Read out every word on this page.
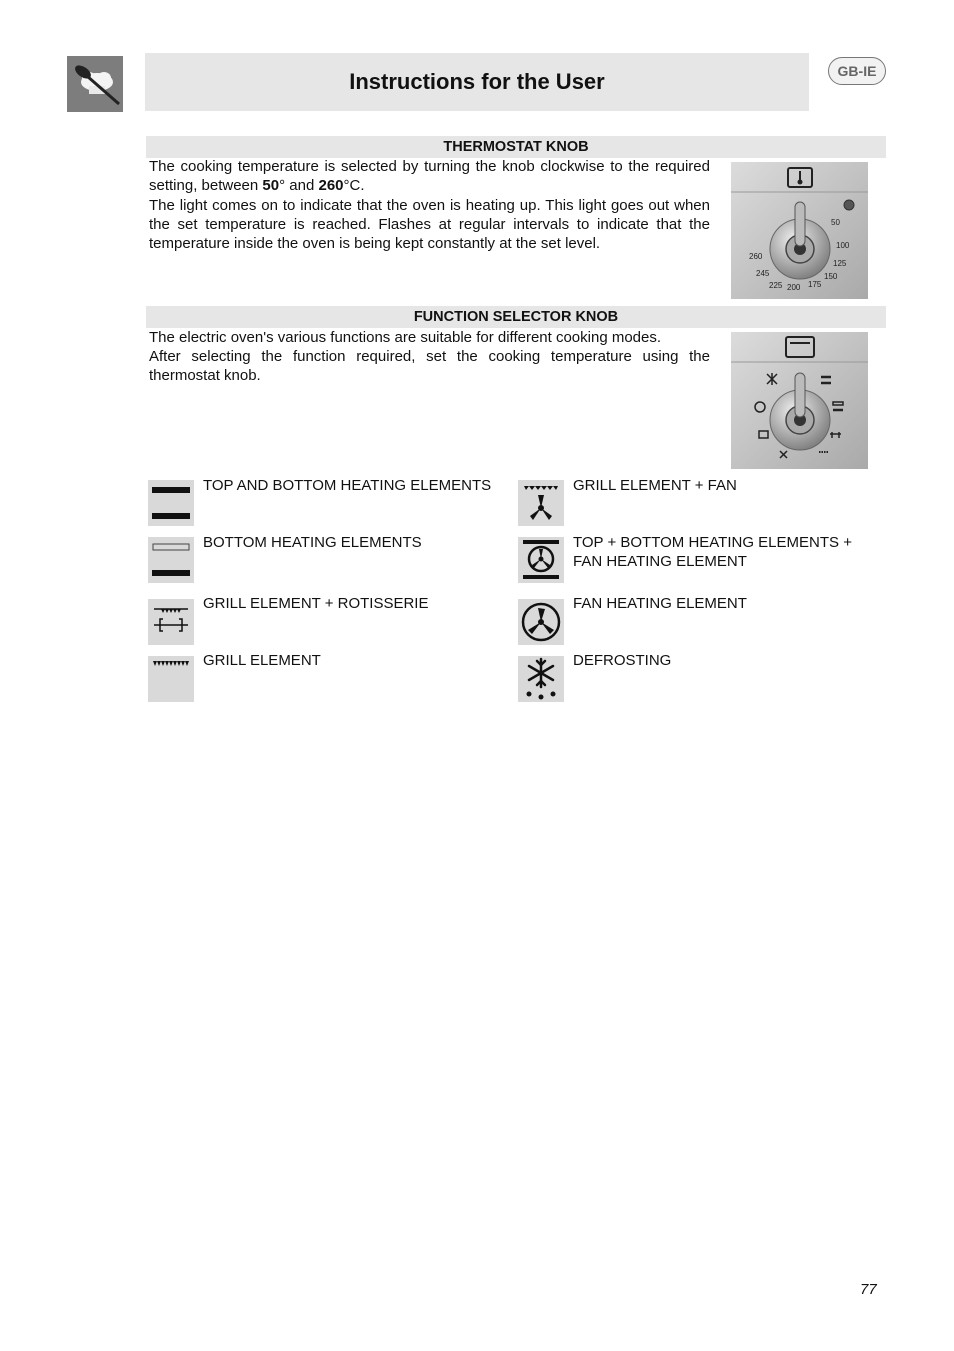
Instructions for the User	GB-IE
THERMOSTAT KNOB

The cooking temperature is selected by turning the knob clockwise to the required setting, between 50° and 260°C.

The light comes on to indicate that the oven is heating up. This light goes out when the set temperature is reached. Flashes at regular intervals to indicate that the temperature inside the oven is being kept constantly at the set level.

50
100
125
150
175
200
225
245
260
FUNCTION SELECTOR KNOB

The electric oven's various functions are suitable for different cooking modes.

After selecting the function required, set the cooking temperature using the thermostat knob.

TOP AND BOTTOM HEATING ELEMENTS	GRILL ELEMENT + FAN
BOTTOM HEATING ELEMENTS	TOP + BOTTOM HEATING ELEMENTS + FAN HEATING ELEMENT
GRILL ELEMENT + ROTISSERIE	FAN HEATING ELEMENT
GRILL ELEMENT	DEFROSTING
77
